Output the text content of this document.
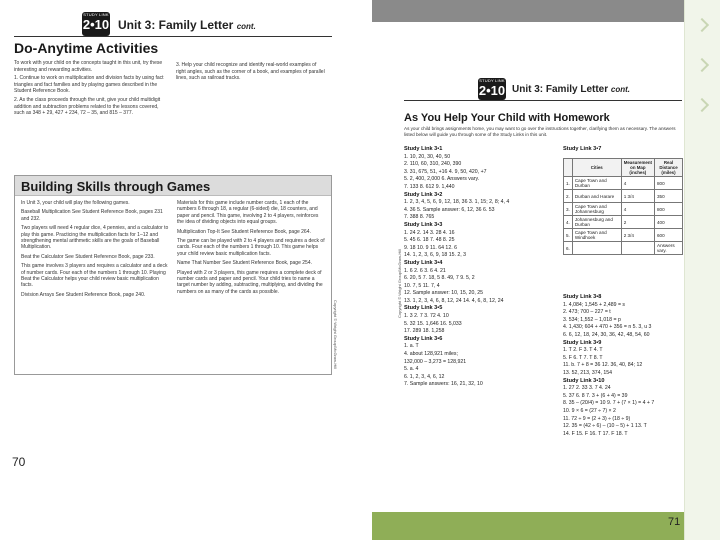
STUDY LINK
2•10 Unit 3: Family Letter cont.
Do-Anytime Activities
To work with your child on the concepts taught in this unit, try these interesting and rewarding activities.
1. Continue to work on multiplication and division facts by using fact triangles and fact families and by playing games described in the Student Reference Book.
2. As the class proceeds through the unit, give your child multidigit addition and subtraction problems related to the lessons covered, such as 348 + 29, 427 + 234, 72 – 35, and 815 – 377.
3. Help your child recognize and identify real-world examples of right angles, such as the corner of a book, and examples of parallel lines, such as railroad tracks.
Building Skills through Games

In Unit 3, your child will play the following games.

Baseball Multiplication See Student Reference Book, pages 231 and 232.

Two players will need 4 regular dice, 4 pennies, and a calculator to play this game. Practicing the multiplication facts for 1–12 and strengthening mental arithmetic skills are the goals of Baseball Multiplication.

Beat the Calculator See Student Reference Book, page 233.

This game involves 3 players and requires a calculator and a deck of number cards. Four each of the numbers 1 through 10. Playing Beat the Calculator helps your child review basic multiplication facts.

Division Arrays See Student Reference Book, page 240.

Materials for this game include number cards, 1 each of the numbers 6 through 18, a regular (6-sided) die, 18 counters, and paper and pencil. This game, involving 2 to 4 players, reinforces the idea of dividing objects into equal groups.

Multiplication Top-It See Student Reference Book, page 264.

The game can be played with 2 to 4 players and requires a deck of cards. Four each of the numbers 1 through 10. This game helps your child review basic multiplication facts.

Name That Number See Student Reference Book, page 254.

Played with 2 or 3 players, this game requires a complete deck of number cards and paper and pencil. Your child tries to name a target number by adding, subtracting, multiplying, and dividing the numbers on as many of the cards as possible.

Copyright © Wright Group/McGraw-Hill
70
STUDY LINK
2•10 Unit 3: Family Letter cont.
As You Help Your Child with Homework
As your child brings assignments home, you may want to go over the instructions together, clarifying them as necessary. The answers listed below will guide you through some of the Study Links in this unit.
Study Link 3•1
1. 10, 20, 30, 40, 50
2. 110, 60, 310, 240, 390
3. 31, 675, 51, +16 4. 9, 50, 420, +7
5. 2, 400, 2,000 6. Answers vary.
7. 133 8. 612 9. 1,440
Study Link 3•2
1. 2, 3, 4, 5, 6, 9, 12, 18, 36 3. 1, 15; 2, 8; 4, 4
4. 36 5. Sample answer: 6, 12, 36 6. 53
7. 388 8. 765
Study Link 3•3
1. 24 2. 14 3. 28 4. 16
5. 45 6. 18 7. 48 8. 25
9. 18 10. 9 11. 64 12. 6
14. 1, 2, 3, 6, 9, 18 15. 2, 3
Study Link 3•4
1. 6 2. 6 3. 6 4. 21
6. 20, 5 7. 18, 5 8. 49, 7 9. 5, 2
10. 7, 5 11. 7, 4
12. Sample answer: 10, 15, 20, 25
13. 1, 2, 3, 4, 6, 8, 12, 24 14. 4, 6, 8, 12, 24
Study Link 3•5
1. 3 2. 7 3. 72 4. 10
5. 32 15. 1,646 16. 5,033
17. 289 18. 1,258
Study Link 3•6
1. a. T
4. about 128,921 miles;
132,000 – 3,273 = 128,921
5. a. 4
6. 1, 2, 3, 4, 6, 12
7. Sample answers: 16, 21, 32, 10
Study Link 3•7
	Cities	Measurement on Map (inches)	Real Distance (miles)
1.	Cape Town and Durban	4	800
2.	Durban and Harare	1 3/4	350
3.	Cape Town and Johannesburg	4	800
4.	Johannesburg and Durban	2	400
5.	Cape Town and Windhoek	2 3/4	600
6.			Answers vary.
Study Link 3•8
1. 4,084; 1,545 + 2,489 = s
2. 473; 700 – 227 = t
3. 534; 1,552 – 1,018 = p
4. 1,430; 604 + 470 + 356 = n 5. 3, u 3
6. 6, 12, 18, 24, 30, 36, 42, 48, 54, 60
Study Link 3•9
1. T 2. F 3. T 4. T
5. F 6. T 7. T 8. T
11. b. 7 + 8 = 36 12. 36, 40, 84; 12
13. 52, 213, 374, 154
Study Link 3•10
1. 27 2. 33 3. 7 4. 24
5. 37 6. 8 7. 3 + (6 + 4) = 39
8. 35 – (20/4) = 10 9. 7 + (7 × 1) = 4 + 7
10. 9 × 6 = (27 ÷ 7) × 2
11. 72 ÷ 9 = (2 + 3) ÷ (18 ÷ 9)
12. 35 = (42 ÷ 6) – (10 – 5) + 1 13. T
14. F 15. F 16. T 17. F 18. T
Copyright © Wright Group/McGraw-Hill
71
